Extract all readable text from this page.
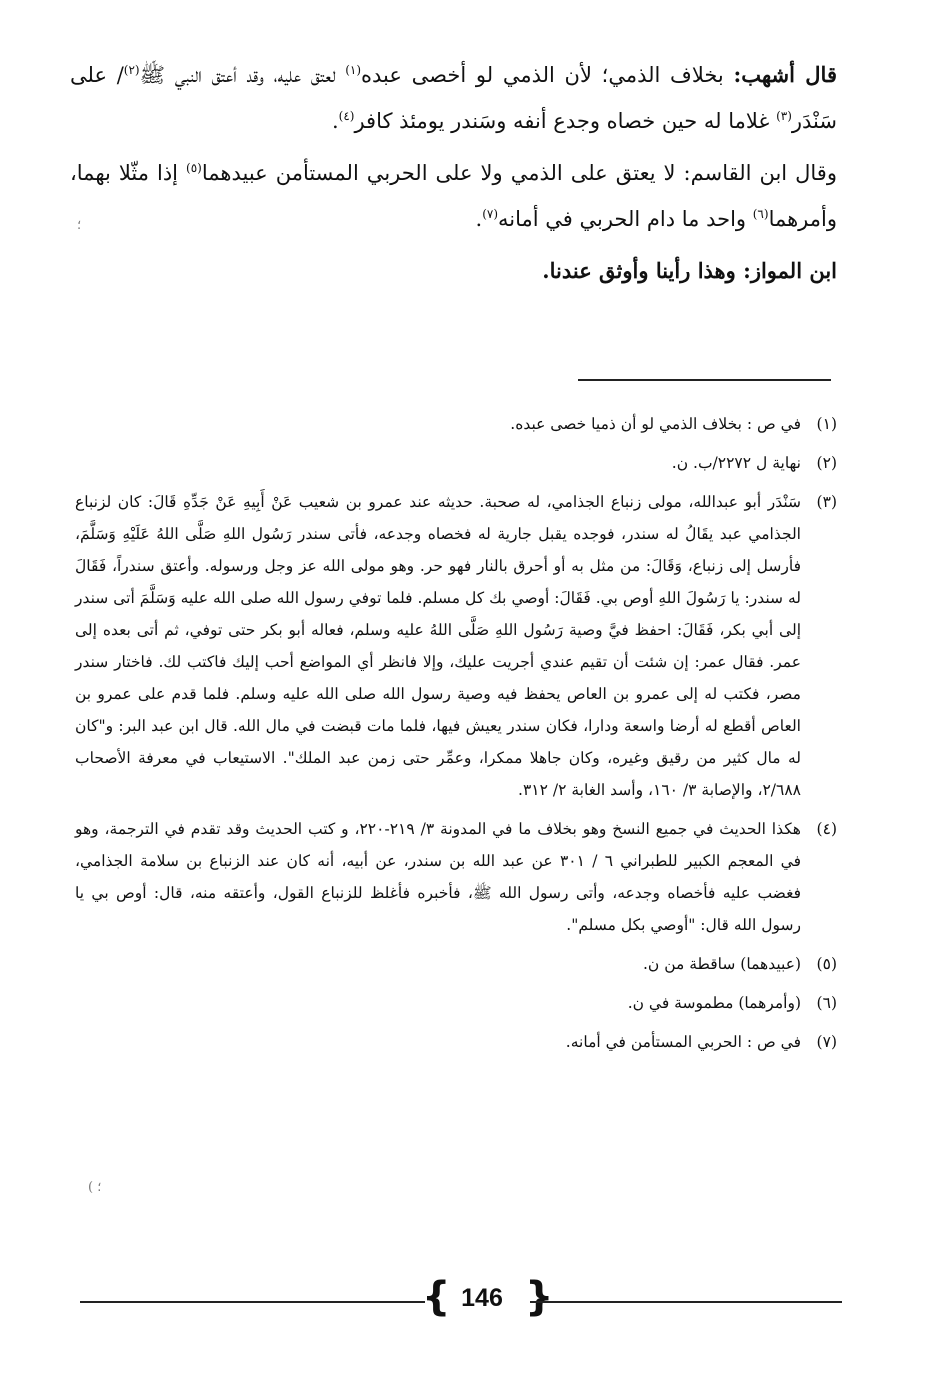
قال أشهب: بخلاف الذمي؛ لأن الذمي لو أخصى عبده$^{(١)}$ لعتق عليه، وقد أعتق النبي ﷺ$^{(٢)}$/ على سَنْدَر$^{(٣)}$ غلاما له حين خصاه وجدع أنفه وسَندر يومئذ كافر$^{(٤)}$.

وقال ابن القاسم: لا يعتق على الذمي ولا على الحربي المستأمن عبيدهما$^{(٥)}$ إذا مثّلا بهما، وأمرهما$^{(٦)}$ واحد ما دام الحربي في أمانه$^{(٧)}$.

ابن المواز: وهذا رأينا وأوثق عندنا.

(١)
في ص : بخلاف الذمي لو أن ذميا خصى عبده.
(٢)
نهاية ل ٢٢٧٢/ب. ن.
(٣)
سَنْدَر أبو عبدالله، مولى زنباع الجذامي، له صحبة. حديثه عند عمرو بن شعيب عَنْ أَبِيهِ عَنْ جَدِّهِ قَالَ: كان لزنباع الجذامي عبد يقَالُ له سندر، فوجده يقبل جارية له فخصاه وجدعه، فأتى سندر رَسُول اللهِ صَلَّى اللهُ عَلَيْهِ وَسَلَّمَ، فأرسل إلى زنباع، وَقَالَ: من مثل به أو أحرق بالنار فهو حر. وهو مولى الله عز وجل ورسوله. وأعتق سندراً، فَقَالَ له سندر: يا رَسُولَ اللهِ أوص بي. فَقَالَ: أوصي بك كل مسلم. فلما توفي رسول الله صلى الله عليه وَسَلَّمَ أتى سندر إلى أبي بكر، فَقَالَ: احفظ فيَّ وصية رَسُول اللهِ صَلَّى اللهُ عليه وسلم، فعاله أبو بكر حتى توفي، ثم أتى بعده إلى عمر. فقال عمر: إن شئت أن تقيم عندي أجريت عليك، وإلا فانظر أي المواضع أحب إليك فاكتب لك. فاختار سندر مصر، فكتب له إلى عمرو بن العاص يحفظ فيه وصية رسول الله صلى الله عليه وسلم. فلما قدم على عمرو بن العاص أقطع له أرضا واسعة ودارا، فكان سندر يعيش فيها، فلما مات قبضت في مال الله. قال ابن عبد البر: و"كان له مال كثير من رقيق وغيره، وكان جاهلا ممكرا، وعمِّر حتى زمن عبد الملك". الاستيعاب في معرفة الأصحاب ٢/٦٨٨، والإصابة ٣/ ١٦٠، وأسد الغابة ٢/ ٣١٢.
(٤)
هكذا الحديث في جميع النسخ وهو بخلاف ما في المدونة ٣/ ٢١٩-٢٢٠، و كتب الحديث وقد تقدم في الترجمة، وهو في المعجم الكبير للطبراني ٦ / ٣٠١ عن عبد الله بن سندر، عن أبيه، أنه كان عند الزنباع بن سلامة الجذامي، فغضب عليه فأخصاه وجدعه، وأتى رسول الله ﷺ، فأخبره فأغلظ للزنباع القول، وأعتقه منه، قال: أوص بي يا رسول الله قال: "أوصي بكل مسلم".
(٥)
(عبيدهما) ساقطة من ن.
(٦)
(وأمرهما) مطموسة في ن.
(٧)
في ص : الحربي المستأمن في أمانه.
؛
( ؛
{ 146 }
